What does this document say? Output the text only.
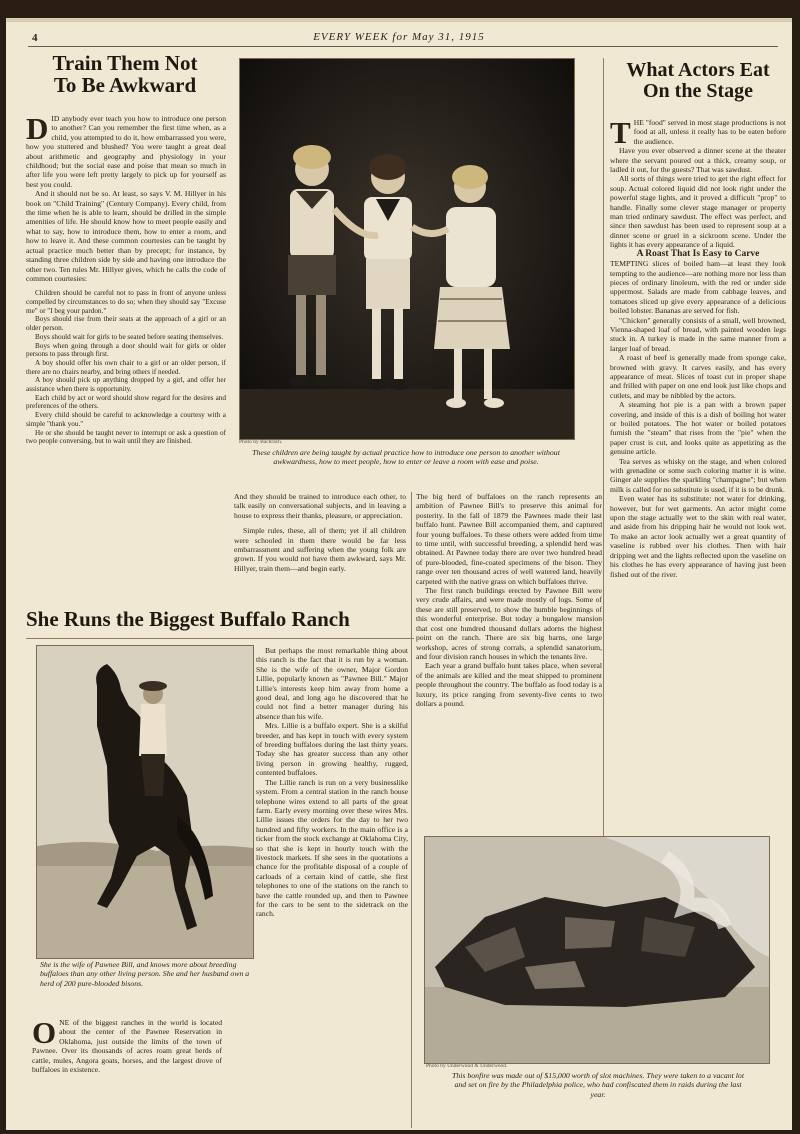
4	EVERY WEEK for May 31, 1915
Train Them Not
To Be Awkward

DID anybody ever teach you how to introduce one person to another? Can you remember the first time when, as a child, you attempted to do it, how embarrassed you were, how you stuttered and blushed? You were taught a great deal about arithmetic and geography and physiology in your childhood; but the social ease and poise that mean so much in after life you were left pretty largely to pick up for yourself as best you could.

And it should not be so. At least, so says V. M. Hillyer in his book on "Child Training" (Century Company). Every child, from the time when he is able to learn, should be drilled in the simple amenities of life. He should know how to meet people easily and what to say, how to introduce them, how to enter a room, and how to leave it. And these common courtesies can be taught by actual practice much better than by precept; for instance, by standing three children side by side and having one introduce the other two. Ten rules Mr. Hillyer gives, which he calls the code of common courtesies:

Children should be careful not to pass in front of anyone unless compelled by circumstances to do so; when they should say "Excuse me" or "I beg your pardon."

Boys should rise from their seats at the approach of a girl or an older person.

Boys should wait for girls to be seated before seating themselves.

Boys when going through a door should wait for girls or older persons to pass through first.

A boy should offer his own chair to a girl or an older person, if there are no chairs nearby, and bring others if needed.

A boy should pick up anything dropped by a girl, and offer her assistance when there is opportunity.

Each child by act or word should show regard for the desires and preferences of the others.

Every child should be careful to acknowledge a courtesy with a simple "thank you."

He or she should be taught never to interrupt or ask a question of two people conversing, but to wait until they are finished.	Photo by Bachrach.
These children are being taught by actual practice how to introduce one person to another without awkwardness, how to meet people, how to enter or leave a room with ease and poise.

And they should be trained to introduce each other, to talk easily on conversational subjects, and in leaving a house to express their thanks, pleasure, or appreciation.

Simple rules, these, all of them; yet if all children were schooled in them there would be far less embarrassment and suffering when the young folk are grown. If you would not have them awkward, says Mr. Hillyer, train them—and begin early.

She Runs the Biggest Buffalo Ranch
She is the wife of Pawnee Bill, and knows more about breeding buffaloes than any other living person. She and her husband own a herd of 200 pure-blooded bisons.

ONE of the biggest ranches in the world is located about the center of the Pawnee Reservation in Oklahoma, just outside the limits of the town of Pawnee. Over its thousands of acres roam great herds of cattle, mules, Angora goats, horses, and the largest drove of buffaloes in existence.

But perhaps the most remarkable thing about this ranch is the fact that it is run by a woman. She is the wife of the owner, Major Gordon Lillie, popularly known as "Pawnee Bill." Major Lillie's interests keep him away from home a good deal, and long ago he discovered that he could not find a better manager during his absence than his wife.

Mrs. Lillie is a buffalo expert. She is a skilful breeder, and has kept in touch with every system of breeding buffaloes during the last thirty years. Today she has greater success than any other living person in growing healthy, rugged, contented buffaloes.

The Lillie ranch is run on a very businesslike system. From a central station in the ranch house telephone wires extend to all parts of the great farm. Early every morning over these wires Mrs. Lillie issues the orders for the day to her two hundred and fifty workers. In the main office is a ticker from the stock exchange at Oklahoma City, so that she is kept in hourly touch with the livestock markets. If she sees in the quotations a chance for the profitable disposal of a couple of carloads of a certain kind of cattle, she first telephones to one of the stations on the ranch to have the cattle rounded up, and then to Pawnee for the cars to be sent to the sidetrack on the ranch.

The big herd of buffaloes on the ranch represents an ambition of Pawnee Bill's to preserve this animal for posterity. In the fall of 1879 the Pawnees made their last buffalo hunt. Pawnee Bill accompanied them, and captured four young buffaloes. To these others were added from time to time until, with successful breeding, a splendid herd was obtained. At Pawnee today there are over two hundred head of pure-blooded, fine-coated specimens of the bison. They range over ten thousand acres of well watered land, heavily carpeted with the native grass on which buffaloes thrive.

The first ranch buildings erected by Pawnee Bill were very crude affairs, and were made mostly of logs. Some of these are still preserved, to show the humble beginnings of this wonderful enterprise. But today a bungalow mansion that cost one hundred thousand dollars adorns the highest point on the ranch. There are six big barns, one large workshop, acres of strong corrals, a splendid sanatorium, and four division ranch houses in which the tenants live.

Each year a grand buffalo hunt takes place, when several of the animals are killed and the meat shipped to prominent people throughout the country. The buffalo as food today is a luxury, its price ranging from seventy-five cents to two dollars a pound.

What Actors Eat
On the Stage

THE "food" served in most stage productions is not food at all, unless it really has to be eaten before the audience.

Have you ever observed a dinner scene at the theater where the servant poured out a thick, creamy soup, or ladled it out, for the guests? That was sawdust.

All sorts of things were tried to get the right effect for soup. Actual colored liquid did not look right under the powerful stage lights, and it proved a difficult "prop" to handle. Finally some clever stage manager or property man tried ordinary sawdust. The effect was perfect, and since then sawdust has been used to represent soup at a dinner scene or gruel in a sickroom scene. Under the lights it has every appearance of a liquid.

A Roast That Is Easy to Carve

TEMPTING slices of boiled ham—at least they look tempting to the audience—are nothing more nor less than pieces of ordinary linoleum, with the red or under side uppermost. Salads are made from cabbage leaves, and tomatoes sliced up give every appearance of a delicious boiled lobster. Bananas are served for fish.

"Chicken" generally consists of a small, well browned, Vienna-shaped loaf of bread, with painted wooden legs stuck in. A turkey is made in the same manner from a larger loaf of bread.

A roast of beef is generally made from sponge cake, browned with gravy. It carves easily, and has every appearance of meat. Slices of toast cut in proper shape and frilled with paper on one end look just like chops and cutlets, and may be nibbled by the actors.

A steaming hot pie is a pan with a brown paper covering, and inside of this is a dish of boiling hot water or boiled potatoes. The hot water or boiled potatoes furnish the "steam" that rises from the "pie" when the paper crust is cut, and looks quite as appetizing as the genuine article.

Tea serves as whisky on the stage, and when colored with grenadine or some such coloring matter it is wine. Ginger ale supplies the sparkling "champagne"; but when milk is called for no substitute is used, if it is to be drunk.

Even water has its substitute: not water for drinking, however, but for wet garments. An actor might come upon the stage actually wet to the skin with real water, and aside from his dripping hair he would not look wet. To make an actor look actually wet a great quantity of vaseline is rubbed over his clothes. Then with hair dripping wet and the lights reflected upon the vaseline on his clothes he has every appearance of having just been fished out of the river.

Photo by Underwood & Underwood.
This bonfire was made out of $15,000 worth of slot machines. They were taken to a vacant lot and set on fire by the Philadelphia police, who had confiscated them in raids during the last year.
